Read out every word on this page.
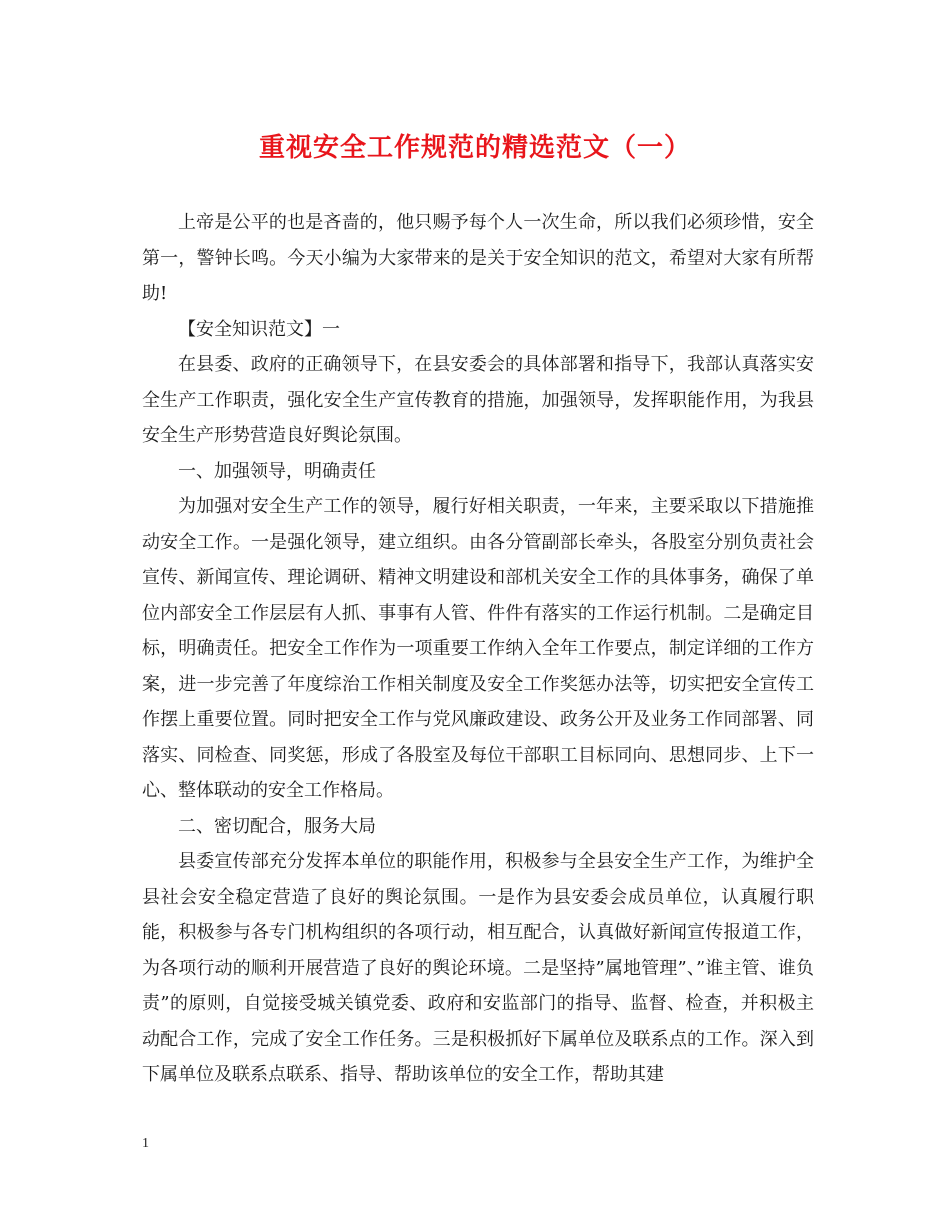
重视安全工作规范的精选范文（一）

上帝是公平的也是吝啬的，他只赐予每个人一次生命，所以我们必须珍惜，安全第一，警钟长鸣。今天小编为大家带来的是关于安全知识的范文，希望对大家有所帮助!

【安全知识范文】一

在县委、政府的正确领导下，在县安委会的具体部署和指导下，我部认真落实安全生产工作职责，强化安全生产宣传教育的措施，加强领导，发挥职能作用，为我县安全生产形势营造良好舆论氛围。

一、加强领导，明确责任

为加强对安全生产工作的领导，履行好相关职责，一年来，主要采取以下措施推动安全工作。一是强化领导，建立组织。由各分管副部长牵头，各股室分别负责社会宣传、新闻宣传、理论调研、精神文明建设和部机关安全工作的具体事务，确保了单位内部安全工作层层有人抓、事事有人管、件件有落实的工作运行机制。二是确定目标，明确责任。把安全工作作为一项重要工作纳入全年工作要点，制定详细的工作方案，进一步完善了年度综治工作相关制度及安全工作奖惩办法等，切实把安全宣传工作摆上重要位置。同时把安全工作与党风廉政建设、政务公开及业务工作同部署、同落实、同检查、同奖惩，形成了各股室及每位干部职工目标同向、思想同步、上下一心、整体联动的安全工作格局。

二、密切配合，服务大局

县委宣传部充分发挥本单位的职能作用，积极参与全县安全生产工作，为维护全县社会安全稳定营造了良好的舆论氛围。一是作为县安委会成员单位，认真履行职能，积极参与各专门机构组织的各项行动，相互配合，认真做好新闻宣传报道工作，为各项行动的顺利开展营造了良好的舆论环境。二是坚持”属地管理”、”谁主管、谁负责”的原则，自觉接受城关镇党委、政府和安监部门的指导、监督、检查，并积极主动配合工作，完成了安全工作任务。三是积极抓好下属单位及联系点的工作。深入到下属单位及联系点联系、指导、帮助该单位的安全工作，帮助其建

1
